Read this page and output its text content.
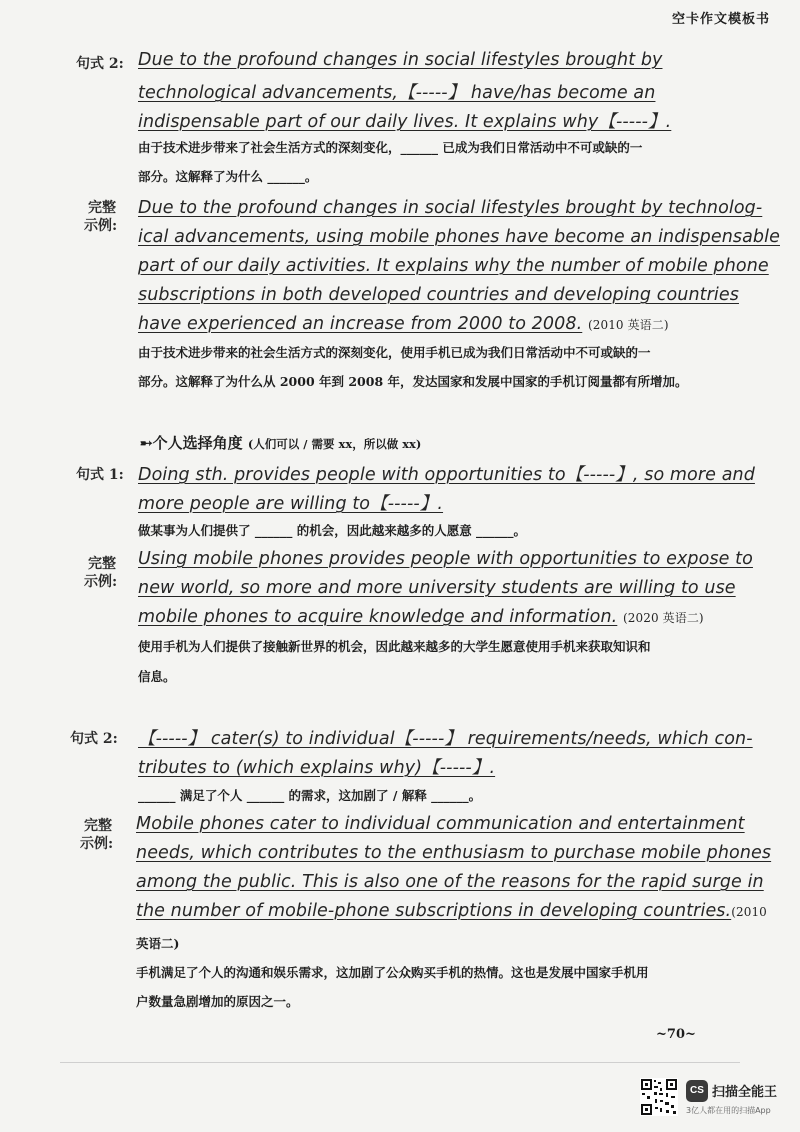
空卡作文模板书
句式 2: Due to the profound changes in social lifestyles brought by
technological advancements,【-----】 have/has become an
indispensable part of our daily lives. It explains why【-----】.
由于技术进步带来了社会生活方式的深刻变化，______ 已成为我们日常活动中不可或缺的一
部分。这解释了为什么 ______。
完整
示例:
Due to the profound changes in social lifestyles brought by technolog-
ical advancements, using mobile phones have become an indispensable
part of our daily activities. It explains why the number of mobile phone
subscriptions in both developed countries and developing countries
have experienced an increase from 2000 to 2008. (2010 英语二)
由于技术进步带来的社会生活方式的深刻变化，使用手机已成为我们日常活动中不可或缺的一
部分。这解释了为什么从 2000 年到 2008 年，发达国家和发展中国家的手机订阅量都有所增加。
➸个人选择角度 (人们可以 / 需要 xx，所以做 xx)
句式 1: Doing sth. provides people with opportunities to【-----】, so more and
more people are willing to【-----】.
做某事为人们提供了 ______ 的机会，因此越来越多的人愿意 ______。
完整
示例:
Using mobile phones provides people with opportunities to expose to
new world, so more and more university students are willing to use
mobile phones to acquire knowledge and information. (2020 英语二)
使用手机为人们提供了接触新世界的机会，因此越来越多的大学生愿意使用手机来获取知识和
信息。
句式 2: 【-----】 cater(s) to individual【-----】 requirements/needs, which con-
tributes to (which explains why)【-----】.
______ 满足了个人 ______ 的需求，这加剧了 / 解释 ______。
完整
示例:
Mobile phones cater to individual communication and entertainment
needs, which contributes to the enthusiasm to purchase mobile phones
among the public. This is also one of the reasons for the rapid surge in
the number of mobile-phone subscriptions in developing countries.(2010
英语二)
手机满足了个人的沟通和娱乐需求，这加剧了公众购买手机的热情。这也是发展中国家手机用
户数量急剧增加的原因之一。
~70~
CS 扫描全能王
3亿人都在用的扫描App
